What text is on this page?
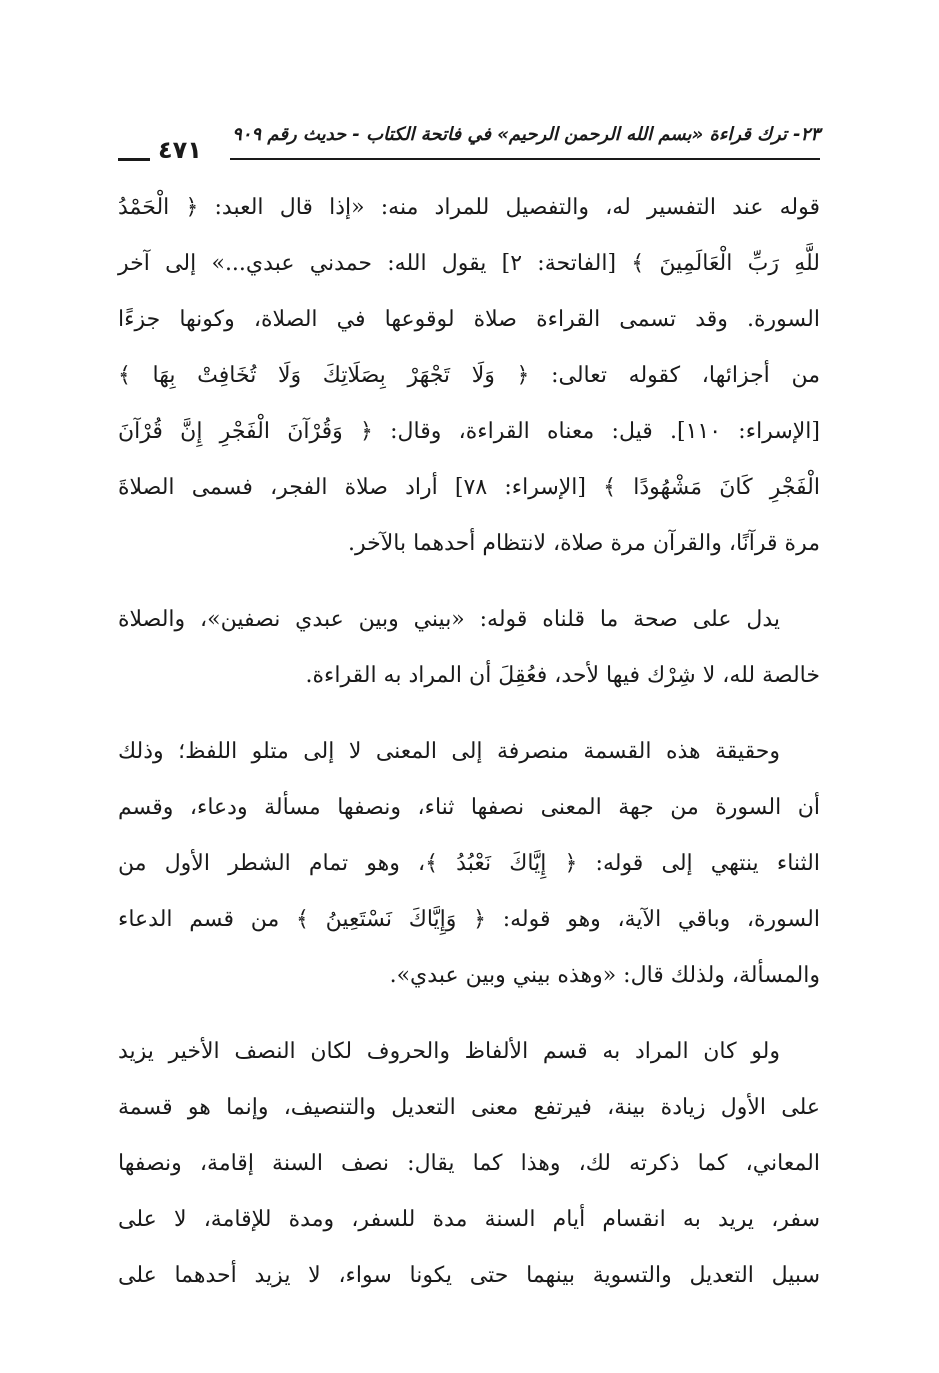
٤٧١
٢٣- ترك قراءة «بسم الله الرحمن الرحيم» في فاتحة الكتاب - حديث رقم ٩٠٩
قوله عند التفسير له، والتفصيل للمراد منه: «إذا قال العبد: ﴿ الْحَمْدُ
للَّهِ رَبِّ الْعَالَمِينَ ﴾ [الفاتحة: ٢] يقول الله: حمدني عبدي...» إلى آخر
السورة. وقد تسمى القراءة صلاة لوقوعها في الصلاة، وكونها جزءًا
من أجزائها، كقوله تعالى: ﴿ وَلَا تَجْهَرْ بِصَلَاتِكَ وَلَا تُخَافِتْ بِهَا ﴾
[الإسراء: ١١٠]. قيل: معناه القراءة، وقال: ﴿ وَقُرْآنَ الْفَجْرِ إِنَّ قُرْآنَ
الْفَجْرِ كَانَ مَشْهُودًا ﴾ [الإسراء: ٧٨] أراد صلاة الفجر، فسمى الصلاةَ
مرة قرآنًا، والقرآن مرة صلاة، لانتظام أحدهما بالآخر.
يدل على صحة ما قلناه قوله: «بيني وبين عبدي نصفين»، والصلاة
خالصة لله، لا شِرْك فيها لأحد، فعُقِلَ أن المراد به القراءة.
وحقيقة هذه القسمة منصرفة إلى المعنى لا إلى متلو اللفظ؛ وذلك
أن السورة من جهة المعنى نصفها ثناء، ونصفها مسألة ودعاء، وقسم
الثناء ينتهي إلى قوله: ﴿ إِيَّاكَ نَعْبُدُ ﴾، وهو تمام الشطر الأول من
السورة، وباقي الآية، وهو قوله: ﴿ وَإِيَّاكَ نَسْتَعِينُ ﴾ من قسم الدعاء
والمسألة، ولذلك قال: «وهذه بيني وبين عبدي».
ولو كان المراد به قسم الألفاظ والحروف لكان النصف الأخير يزيد
على الأول زيادة بينة، فيرتفع معنى التعديل والتنصيف، وإنما هو قسمة
المعاني، كما ذكرته لك، وهذا كما يقال: نصف السنة إقامة، ونصفها
سفر، يريد به انقسام أيام السنة مدة للسفر، ومدة للإقامة، لا على
سبيل التعديل والتسوية بينهما حتى يكونا سواء، لا يزيد أحدهما على
